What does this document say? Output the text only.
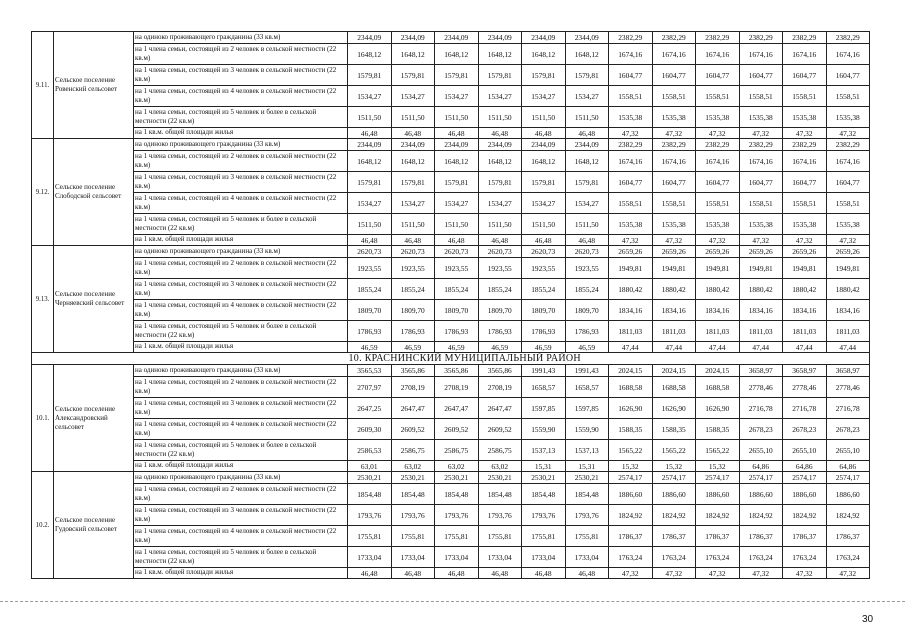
9.11.	Сельское поселение Ровенский сельсовет	на одиноко проживающего гражданина (33 кв.м)	2344,09	2344,09	2344,09	2344,09	2344,09	2344,09	2382,29	2382,29	2382,29	2382,29	2382,29	2382,29
		на 1 члена семьи, состоящей из 2 человек в сельской местности (22 кв.м)	1648,12	1648,12	1648,12	1648,12	1648,12	1648,12	1674,16	1674,16	1674,16	1674,16	1674,16	1674,16
		на 1 члена семьи, состоящей из 3 человек в сельской местности (22 кв.м)	1579,81	1579,81	1579,81	1579,81	1579,81	1579,81	1604,77	1604,77	1604,77	1604,77	1604,77	1604,77
		на 1 члена семьи, состоящей из 4 человек в сельской местности (22 кв.м)	1534,27	1534,27	1534,27	1534,27	1534,27	1534,27	1558,51	1558,51	1558,51	1558,51	1558,51	1558,51
		на 1 члена семьи, состоящей из 5 человек и более в сельской местности (22 кв.м)	1511,50	1511,50	1511,50	1511,50	1511,50	1511,50	1535,38	1535,38	1535,38	1535,38	1535,38	1535,38
		на 1 кв.м. общей площади жилья	46,48	46,48	46,48	46,48	46,48	46,48	47,32	47,32	47,32	47,32	47,32	47,32
9.12.	Сельское поселение Слободской сельсовет	на одиноко проживающего гражданина (33 кв.м)	2344,09	2344,09	2344,09	2344,09	2344,09	2344,09	2382,29	2382,29	2382,29	2382,29	2382,29	2382,29
		на 1 члена семьи, состоящей из 2 человек в сельской местности (22 кв.м)	1648,12	1648,12	1648,12	1648,12	1648,12	1648,12	1674,16	1674,16	1674,16	1674,16	1674,16	1674,16
		на 1 члена семьи, состоящей из 3 человек в сельской местности (22 кв.м)	1579,81	1579,81	1579,81	1579,81	1579,81	1579,81	1604,77	1604,77	1604,77	1604,77	1604,77	1604,77
		на 1 члена семьи, состоящей из 4 человек в сельской местности (22 кв.м)	1534,27	1534,27	1534,27	1534,27	1534,27	1534,27	1558,51	1558,51	1558,51	1558,51	1558,51	1558,51
		на 1 члена семьи, состоящей из 5 человек и более в сельской местности (22 кв.м)	1511,50	1511,50	1511,50	1511,50	1511,50	1511,50	1535,38	1535,38	1535,38	1535,38	1535,38	1535,38
		на 1 кв.м. общей площади жилья	46,48	46,48	46,48	46,48	46,48	46,48	47,32	47,32	47,32	47,32	47,32	47,32
9.13.	Сельское поселение Черняевский сельсовет	на одиноко проживающего гражданина (33 кв.м)	2620,73	2620,73	2620,73	2620,73	2620,73	2620,73	2659,26	2659,26	2659,26	2659,26	2659,26	2659,26
		на 1 члена семьи, состоящей из 2 человек в сельской местности (22 кв.м)	1923,55	1923,55	1923,55	1923,55	1923,55	1923,55	1949,81	1949,81	1949,81	1949,81	1949,81	1949,81
		на 1 члена семьи, состоящей из 3 человек в сельской местности (22 кв.м)	1855,24	1855,24	1855,24	1855,24	1855,24	1855,24	1880,42	1880,42	1880,42	1880,42	1880,42	1880,42
		на 1 члена семьи, состоящей из 4 человек в сельской местности (22 кв.м)	1809,70	1809,70	1809,70	1809,70	1809,70	1809,70	1834,16	1834,16	1834,16	1834,16	1834,16	1834,16
		на 1 члена семьи, состоящей из 5 человек и более в сельской местности (22 кв.м)	1786,93	1786,93	1786,93	1786,93	1786,93	1786,93	1811,03	1811,03	1811,03	1811,03	1811,03	1811,03
		на 1 кв.м. общей площади жилья	46,59	46,59	46,59	46,59	46,59	46,59	47,44	47,44	47,44	47,44	47,44	47,44
			10. КРАСНИНСКИЙ МУНИЦИПАЛЬНЫЙ РАЙОН											
10.1.	Сельское поселение Александровский сельсовет	на одиноко проживающего гражданина (33 кв.м)	3565,53	3565,86	3565,86	3565,86	1991,43	1991,43	2024,15	2024,15	2024,15	3658,97	3658,97	3658,97
		на 1 члена семьи, состоящей из 2 человек в сельской местности (22 кв.м)	2707,97	2708,19	2708,19	2708,19	1658,57	1658,57	1688,58	1688,58	1688,58	2778,46	2778,46	2778,46
		на 1 члена семьи, состоящей из 3 человек в сельской местности (22 кв.м)	2647,25	2647,47	2647,47	2647,47	1597,85	1597,85	1626,90	1626,90	1626,90	2716,78	2716,78	2716,78
		на 1 члена семьи, состоящей из 4 человек в сельской местности (22 кв.м)	2609,30	2609,52	2609,52	2609,52	1559,90	1559,90	1588,35	1588,35	1588,35	2678,23	2678,23	2678,23
		на 1 члена семьи, состоящей из 5 человек и более в сельской местности (22 кв.м)	2586,53	2586,75	2586,75	2586,75	1537,13	1537,13	1565,22	1565,22	1565,22	2655,10	2655,10	2655,10
		на 1 кв.м. общей площади жилья	63,01	63,02	63,02	63,02	15,31	15,31	15,32	15,32	15,32	64,86	64,86	64,86
10.2.	Сельское поселение Гудовский сельсовет	на одиноко проживающего гражданина (33 кв.м)	2530,21	2530,21	2530,21	2530,21	2530,21	2530,21	2574,17	2574,17	2574,17	2574,17	2574,17	2574,17
		на 1 члена семьи, состоящей из 2 человек в сельской местности (22 кв.м)	1854,48	1854,48	1854,48	1854,48	1854,48	1854,48	1886,60	1886,60	1886,60	1886,60	1886,60	1886,60
		на 1 члена семьи, состоящей из 3 человек в сельской местности (22 кв.м)	1793,76	1793,76	1793,76	1793,76	1793,76	1793,76	1824,92	1824,92	1824,92	1824,92	1824,92	1824,92
		на 1 члена семьи, состоящей из 4 человек в сельской местности (22 кв.м)	1755,81	1755,81	1755,81	1755,81	1755,81	1755,81	1786,37	1786,37	1786,37	1786,37	1786,37	1786,37
		на 1 члена семьи, состоящей из 5 человек и более в сельской местности (22 кв.м)	1733,04	1733,04	1733,04	1733,04	1733,04	1733,04	1763,24	1763,24	1763,24	1763,24	1763,24	1763,24
		на 1 кв.м. общей площади жилья	46,48	46,48	46,48	46,48	46,48	46,48	47,32	47,32	47,32	47,32	47,32	47,32
30
